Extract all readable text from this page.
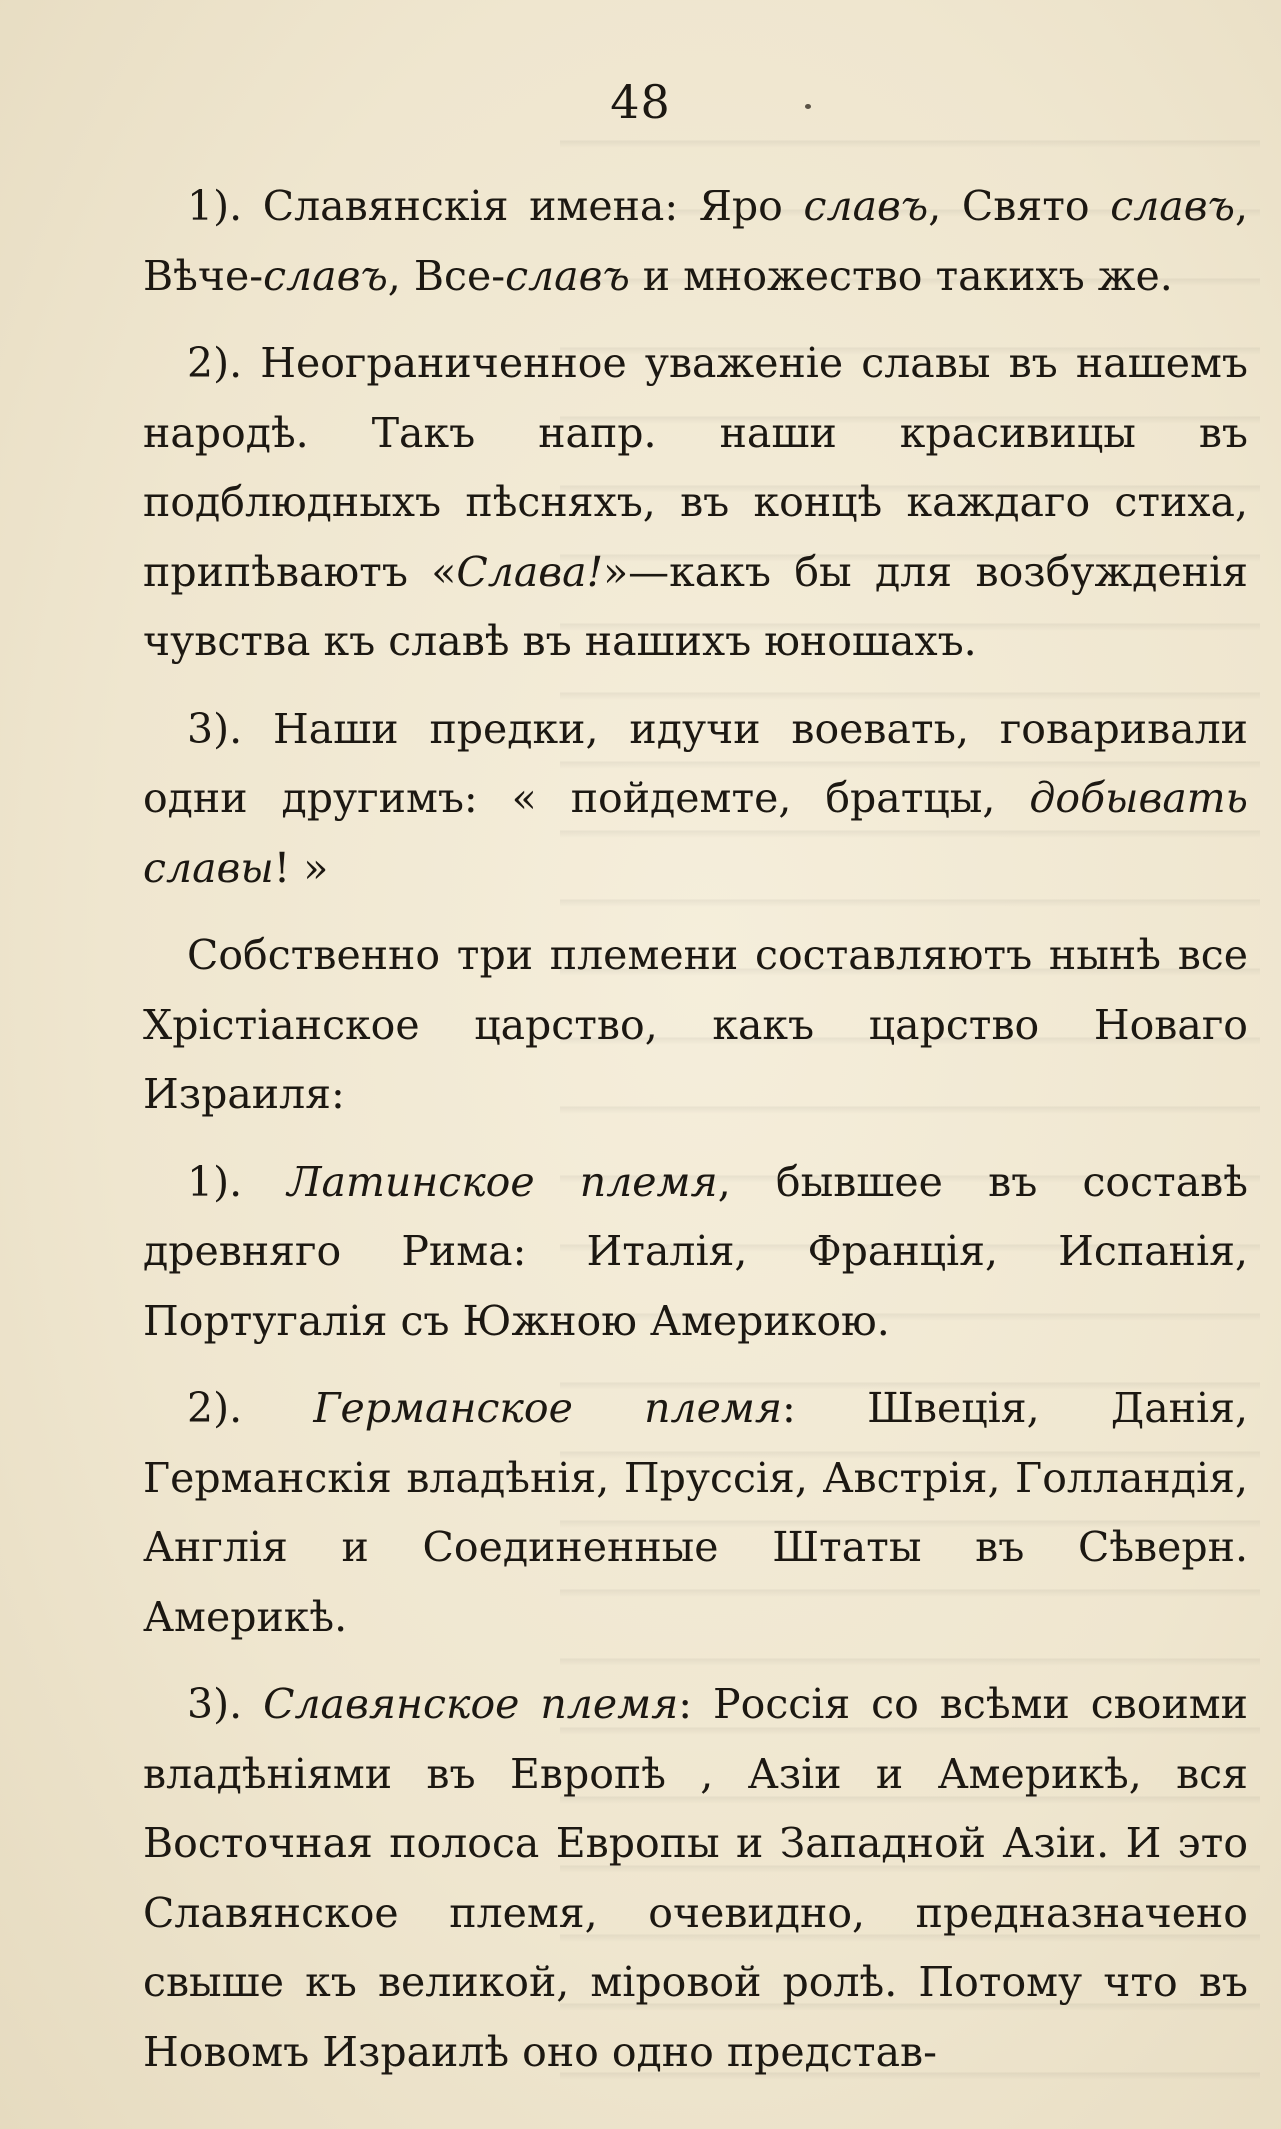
48

1). Славянскія имена: Яро славъ, Свято славъ, Вѣче-славъ, Все-славъ и множество такихъ же.

2). Неограниченное уваженіе славы въ нашемъ народѣ. Такъ напр. наши красивицы въ подблюдныхъ пѣсняхъ, въ концѣ каждаго стиха, припѣваютъ «Слава!»—какъ бы для возбужденія чувства къ славѣ въ нашихъ юношахъ.

3). Наши предки, идучи воевать, говаривали одни другимъ: « пойдемте, братцы, добывать славы! »

Собственно три племени составляютъ нынѣ все Хрістіанское царство, какъ царство Новаго Израиля:

1). Латинское племя, бывшее въ составѣ древняго Рима: Италія, Франція, Испанія, Португалія съ Южною Америкою.

2). Германское племя: Швеція, Данія, Германскія владѣнія, Пруссія, Австрія, Голландія, Англія и Соединенные Штаты въ Сѣверн. Америкѣ.

3). Славянское племя: Россія со всѣми своими владѣніями въ Европѣ , Азіи и Америкѣ, вся Восточная полоса Европы и Западной Азіи. И это Славянское племя, очевидно, предназначено свыше къ великой, міровой ролѣ. Потому что въ Новомъ Израилѣ оно одно представ-
